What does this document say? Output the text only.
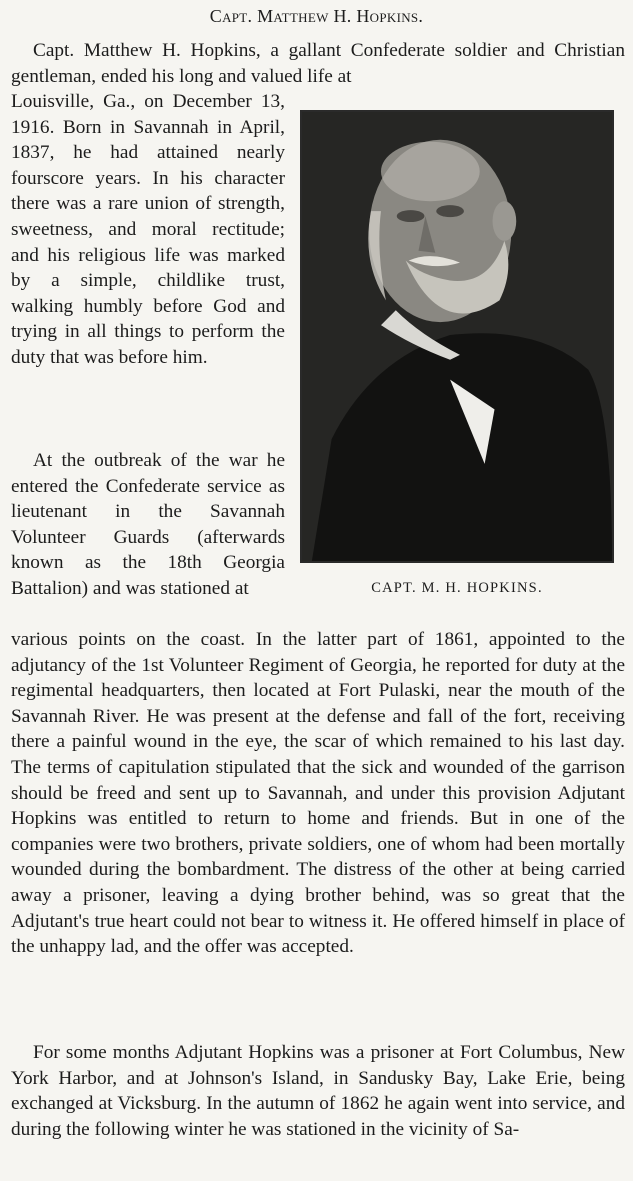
Capt. Matthew H. Hopkins.

Capt. Matthew H. Hopkins, a gallant Confederate soldier and Christian gentleman, ended his long and valued life at

Louisville, Ga., on December 13, 1916. Born in Savannah in April, 1837, he had attained nearly fourscore years. In his character there was a rare union of strength, sweetness, and moral rectitude; and his religious life was marked by a simple, childlike trust, walking humbly before God and trying in all things to perform the duty that was before him.

CAPT. M. H. HOPKINS.

At the outbreak of the war he entered the Confederate service as lieutenant in the Savannah Volunteer Guards (afterwards known as the 18th Georgia Battalion) and was stationed at

various points on the coast. In the latter part of 1861, appointed to the adjutancy of the 1st Volunteer Regiment of Georgia, he reported for duty at the regimental headquarters, then located at Fort Pulaski, near the mouth of the Savannah River. He was present at the defense and fall of the fort, receiving there a painful wound in the eye, the scar of which remained to his last day. The terms of capitulation stipulated that the sick and wounded of the garrison should be freed and sent up to Savannah, and under this provision Adjutant Hopkins was entitled to return to home and friends. But in one of the companies were two brothers, private soldiers, one of whom had been mortally wounded during the bombardment. The distress of the other at being carried away a prisoner, leaving a dying brother behind, was so great that the Adjutant's true heart could not bear to witness it. He offered himself in place of the unhappy lad, and the offer was accepted.

For some months Adjutant Hopkins was a prisoner at Fort Columbus, New York Harbor, and at Johnson's Island, in Sandusky Bay, Lake Erie, being exchanged at Vicksburg. In the autumn of 1862 he again went into service, and during the following winter he was stationed in the vicinity of Sa-
